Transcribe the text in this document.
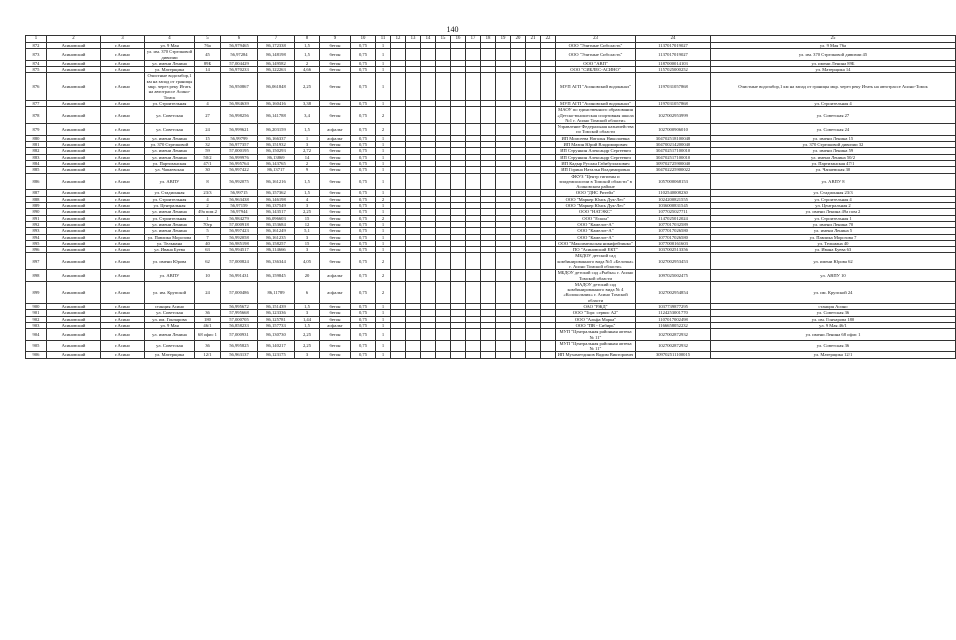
140
1	2	3	4	5	6	7	8	9	10	11	12	13	14	15	16	17	18	19	20	21	22	23	24	25
872	Асиновский	г.Асино	ул. 9 Мая	76а	56,979465	86,172338	1,5	бетон	0,75	1												ООО "Элитные Сибсласть"	1137017019027	ул. 9 Мая 76а
873	Асиновский	г.Асино	ул. им. 370 Стрелковой дивизии	45	56,97284	86,148198	1,5	бетон	0,75	1												ООО "Элитные Сибсласть"	1137017019027	ул. им. 370 Стрелковой дивизии 45
874	Асиновский	г.Асино	ул. имени Ленина	89Б	57,004429	86,149582	2	бетон	0,75	1												ООО "АВП"	1187000014103	ул. имени Ленина 89Б
875	Асиновский	г.Асино	ул. Матерщика	14	56,970233	86,122263	4,66	бетон	0,75	1												ООО "СИБЛЕС-АСИНО"	1157025000252	ул. Матерщика 14
876	Асиновский	г.Асино	Очистные водозабор,1 км на запад от границы мкр. через реку Итать на автотрассе Асино-Томск		56,950867	86,061848	2,25	бетон	0,75	1												МУП АГП "Асиновский водоканал"	1197031057868	Очистные водозабор,1 км на запад от границы мкр. через реку Итать на автотрассе Асино-Томск
877	Асиновский	г.Асино	ул. Строительная	4	56,984639	86,160416	3,38	бетон	0,75	1												МУП АГП "Асиновский водоканал"	1197031057868	ул. Строительная 4
878	Асиновский	г.Асино	ул. Советская	27	56,998256	86,141788	3,4	бетон	0,75	2												МАОУ по единственного образования «Детско-юношеская спортивная школа №1 г. Асино Томской области»	1027002953999	ул. Советская 27
879	Асиновский	г.Асино	ул. Советская	24	56,999621	86,203159	1,5	асфальт	0,75	2												Управление Федеральная казначейства по Томской области	1027000906010	ул. Советская 24
880	Асиновский	г.Асино	ул. имени Ленина	15	56,99799	86,166337	1	асфальт	0,75	1												ИП Моисеева Наталья Николаевна	304702518100048	ул. имени Ленина 15
881	Асиновский	г.Асино	ул. 370 Стрелковой	32	56,977357	86,151932	3	бетон	0,75	1												ИП Мазин Юрий Владимирович	304700214200040	ул. 370 Стрелковой дивизии 32
882	Асиновский	г.Асино	ул. имени Ленина	59	57,000195	86,150293	2,72	бетон	0,75	1												ИП Стрункин Александр Сергеевич	304702517100010	ул. имени Ленина 59
883	Асиновский	г.Асино	ул. имени Ленина	50/2	56,999976	86,13869	14	бетон	0,75	1												ИП Стрункин Александр Сергеевич	304702517100010	ул. имени Ленина 50/2
884	Асиновский	г.Асино	ул. Партизанская	47/1	56,995764	86,143765	2	бетон	0,75	1												ИП Кадыр Руслан Габибуллахович	309702725900040	ул. Партизанская 47/1
885	Асиновский	г.Асино	ул. Чапаевская	30	56,997422	86,13717	9	бетон	0,75	1												ИП Горина Наталья Владимировна	304702225900022	ул. Чапаевская 30
886	Асиновский	г.Асино	ул. АВПУ	8	56,992075	86,161216	1,5	бетон	0,75	1												ФКУЗ "Центр гигиены и эпидемиологии в Томской области" в Асиновском районе	1057000068153	ул. АВПУ 8
887	Асиновский	г.Асино	ул. Стадионная	23/3	56,99715	86,157362	1,5	бетон	0,75	1												ООО "ДНС Ритейл"	1102540008230	ул. Стадионная 23/3
888	Асиновский	г.Асино	ул. Строительная	4	56,963438	86,146198	4	бетон	0,75	2												ООО "Маркер Юнсь Дук-Лес"	1024200821555	ул. Строительная 4
889	Асиновский	г.Асино	ул. Центральная	2	56,97159	86,137549	3	бетон	0,75	1												ООО "Маркер Юнсь Дук-Лес"	1036000831545	ул. Центральная 2
890	Асиновский	г.Асино	ул. имени Ленина	49а пом.2	56,97944	86,143517	2,25	бетон	0,75	1												ООО "НАТЭКС"	1077025027711	ул. имени Ленина 49а пом 2
891	Асиновский	г.Асино	ул. Строительная	1	56,984279	86,096603	15	бетон	0,75	2												ООО "Ескон"	1147025012024	ул. Строительная 1
892	Асиновский	г.Асино	ул. имени Ленина	70гр	57,000918	86,153684	12	бетон	0,75	1												ООО "Камелот-А"	1077017032589	ул. имени Ленина 70
893	Асиновский	г.Асино	ул. имени Ленина	5	56,997423	86,161249	5,1	бетон	0,75	1												ООО "Камелот-А"	1077017026580	ул. имени Ленина 5
894	Асиновский	г.Асино	ул. Павлика Морозова	7	56,992058	86,161235	3	бетон	0,75	1												ООО "Камелот-А"	1077017026580	ул. Павлика Морозова 7
895	Асиновский	г.Асино	ул. Тельмана	40	56,985198	86,158257	15	бетон	0,75	1												ООО "Максимельская никифейзинко"	1077000161603	ул. Тельмана 40
896	Асиновский	г.Асино	ул. Ивана Буева	63	56,994517	86,114666	3	бетон	0,75	1												ПО "Асиновский ЕКТ"	1037002513356	ул. Ивана Буева 63
897	Асиновский	г.Асино	ул. имени Юрова	62	57,000824	86,136344	4,05	бетон	0,75	2												МБДОУ детский сад комбинированного вида №5 «Белочка» г. Асино Томской области»	1027002953453	ул. имени Юрова 62
898	Асиновский	г.Асино	ул. АВПУ	10	56,991431	86,159845	20	асфальт	0,75	2												МБДОУ детский сад «Рыбка» г. Асино Томской области	1097025002475	ул. АВПУ 10
899	Асиновский	г.Асино	ул. им. Крупской	24	57,000486	86,11789	6	асфальт	0,75	2												МАДОУ детский сад комбинированного вида № 4 «Колокольчик» г. Асино Томской области	1027002954854	ул. им. Крупской 24
900	Асиновский	г.Асино	станция Асино		56,995672	86,151439	1,5	бетон	0,75	1												ОАО "РЖД"	1037739877295	станция Асино
901	Асиновский	г.Асино	ул. Советская	36	57,995668	86,123336	3	бетон	0,75	1												ООО "Торг. сервис А2"	1124253001770	ул. Советская 36
902	Асиновский	г.Асино	ул. им. Гончарова	180	57,000705	86,125781	1,44	бетон	0,75	1												ООО "Альфа Марка"	1107017002498	ул. им. Гончарова 180
903	Асиновский	г.Асино	ул. 9 Мая	46/1	56,858233	86,157733	1,5	асфальт	0,75	1												ООО "ПВ - Сибирь"	1166658052232	ул. 9 Мая 46/1
904	Асиновский	г.Асино	ул. имени Ленина	68 офис 1	57,000931	86,130730	2,25	бетон	0,75	1												МУП "Центральная районная аптека № 11"	1027002872932	ул. имени Ленина 68 офис 1
905	Асиновский	г.Асино	ул. Советская	36	56,995825	86,140217	2,25	бетон	0,75	1												МУП "Центральная районная аптека № 11"	1027002872932	ул. Советская 36
906	Асиновский	г.Асино	ул. Матерщика	12/1	56,963137	86,123175	3	бетон	0,75	1												ИП Мухаметдинов Вадим Викторович	309702511100015	ул. Матерщика 12/1
